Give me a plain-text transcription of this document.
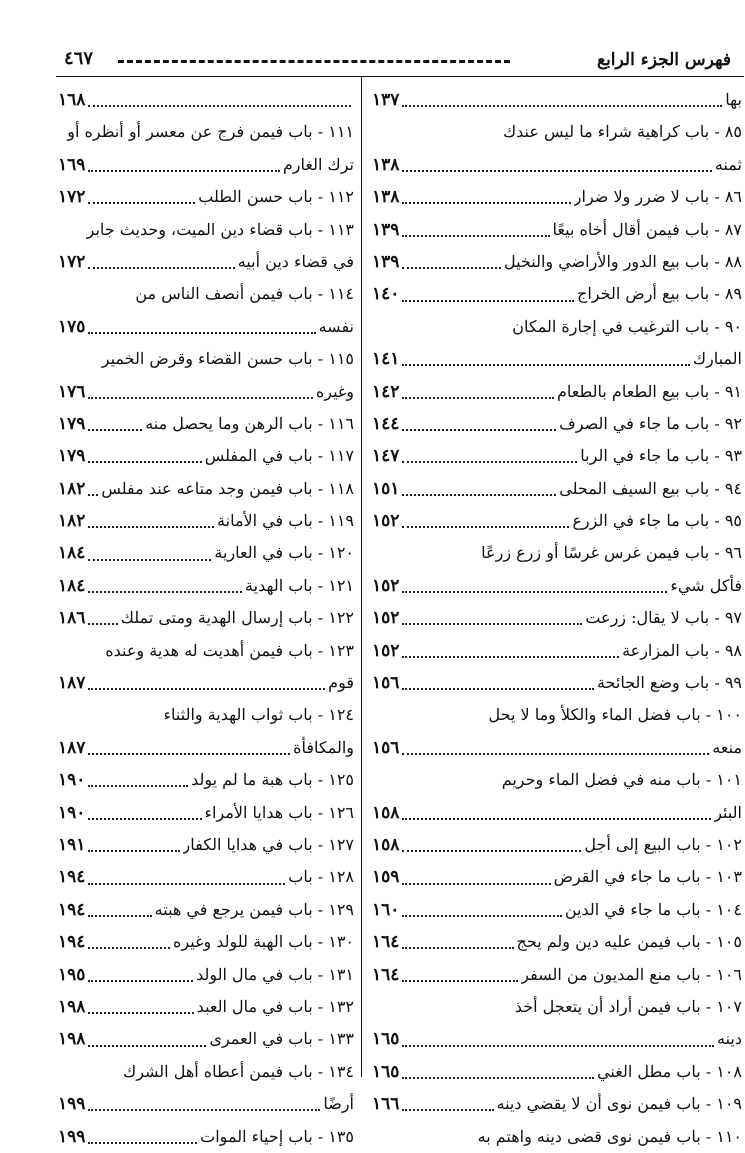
فهرس الجزء الرابع
٤٦٧
بها
١٣٧
٨٥ - باب كراهية شراء ما ليس عندك
ثمنه
١٣٨
٨٦ - باب لا ضرر ولا ضرار
١٣٨
٨٧ - باب فيمن أقال أخاه بيعًا
١٣٩
٨٨ - باب بيع الدور والأراضي والنخيل
١٣٩
٨٩ - باب بيع أرض الخراج
١٤٠
٩٠ - باب الترغيب في إجارة المكان
المبارك
١٤١
٩١ - باب بيع الطعام بالطعام
١٤٢
٩٢ - باب ما جاء في الصرف
١٤٤
٩٣ - باب ما جاء في الربا
١٤٧
٩٤ - باب بيع السيف المحلى
١٥١
٩٥ - باب ما جاء في الزرع
١٥٢
٩٦ - باب فيمن غرس غرسًا أو زرع زرعًا
فأكل شيء
١٥٢
٩٧ - باب لا يقال: زرعت
١٥٢
٩٨ - باب المزارعة
١٥٢
٩٩ - باب وضع الجائحة
١٥٦
١٠٠ - باب فضل الماء والكلأ وما لا يحل
منعه
١٥٦
١٠١ - باب منه في فضل الماء وحريم
البئر
١٥٨
١٠٢ - باب البيع إلى أجل
١٥٨
١٠٣ - باب ما جاء في القرض
١٥٩
١٠٤ - باب ما جاء في الدين
١٦٠
١٠٥ - باب فيمن عليه دين ولم يحج
١٦٤
١٠٦ - باب منع المديون من السفر
١٦٤
١٠٧ - باب فيمن أراد أن يتعجل أخذ
دينه
١٦٥
١٠٨ - باب مطل الغني
١٦٥
١٠٩ - باب فيمن نوى أن لا يقضي دينه
١٦٦
١١٠ - باب فيمن نوى قضى دينه واهتم به
١٦٨
١١١ - باب فيمن فرج عن معسر أو أنظره أو
ترك الغارم
١٦٩
١١٢ - باب حسن الطلب
١٧٢
١١٣ - باب قضاء دين الميت، وحديث جابر
في قضاء دين أبيه
١٧٢
١١٤ - باب فيمن أنصف الناس من
نفسه
١٧٥
١١٥ - باب حسن القضاء وقرض الخمير
وغيره
١٧٦
١١٦ - باب الرهن وما يحصل منه
١٧٩
١١٧ - باب في المفلس
١٧٩
١١٨ - باب فيمن وجد متاعه عند مفلس
١٨٢
١١٩ - باب في الأمانة
١٨٢
١٢٠ - باب في العارية
١٨٤
١٢١ - باب الهدية
١٨٤
١٢٢ - باب إرسال الهدية ومتى تملك
١٨٦
١٢٣ - باب فيمن أهديت له هدية وعنده
قوم
١٨٧
١٢٤ - باب ثواب الهدية والثناء
والمكافأة
١٨٧
١٢٥ - باب هبة ما لم يولد
١٩٠
١٢٦ - باب هدايا الأمراء
١٩٠
١٢٧ - باب في هدايا الكفار
١٩١
١٢٨ - باب
١٩٤
١٢٩ - باب فيمن يرجع في هبته
١٩٤
١٣٠ - باب الهبة للولد وغيره
١٩٤
١٣١ - باب في مال الولد
١٩٥
١٣٢ - باب في مال العبد
١٩٨
١٣٣ - باب في العمرى
١٩٨
١٣٤ - باب فيمن أعطاه أهل الشرك
أرضًا
١٩٩
١٣٥ - باب إحياء الموات
١٩٩
